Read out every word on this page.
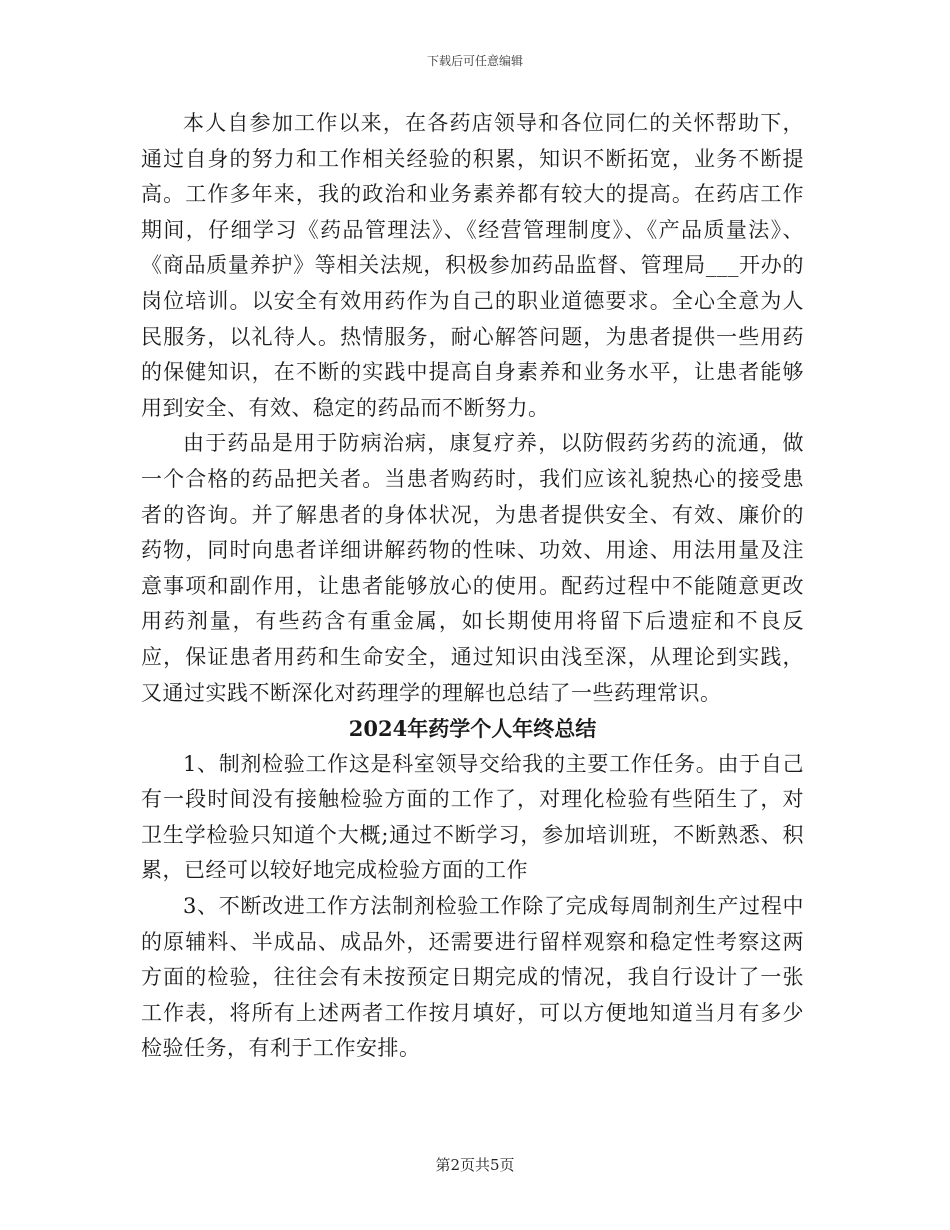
下载后可任意编辑

本人自参加工作以来，在各药店领导和各位同仁的关怀帮助下，通过自身的努力和工作相关经验的积累，知识不断拓宽，业务不断提高。工作多年来，我的政治和业务素养都有较大的提高。在药店工作期间，仔细学习《药品管理法》、《经营管理制度》、《产品质量法》、《商品质量养护》等相关法规，积极参加药品监督、管理局___开办的岗位培训。以安全有效用药作为自己的职业道德要求。全心全意为人民服务，以礼待人。热情服务，耐心解答问题，为患者提供一些用药的保健知识，在不断的实践中提高自身素养和业务水平，让患者能够用到安全、有效、稳定的药品而不断努力。

由于药品是用于防病治病，康复疗养，以防假药劣药的流通，做一个合格的药品把关者。当患者购药时，我们应该礼貌热心的接受患者的咨询。并了解患者的身体状况，为患者提供安全、有效、廉价的药物，同时向患者详细讲解药物的性味、功效、用途、用法用量及注意事项和副作用，让患者能够放心的使用。配药过程中不能随意更改用药剂量，有些药含有重金属，如长期使用将留下后遗症和不良反应，保证患者用药和生命安全，通过知识由浅至深，从理论到实践，又通过实践不断深化对药理学的理解也总结了一些药理常识。

2024年药学个人年终总结

1、制剂检验工作这是科室领导交给我的主要工作任务。由于自己有一段时间没有接触检验方面的工作了，对理化检验有些陌生了，对卫生学检验只知道个大概;通过不断学习，参加培训班，不断熟悉、积累，已经可以较好地完成检验方面的工作

3、不断改进工作方法制剂检验工作除了完成每周制剂生产过程中的原辅料、半成品、成品外，还需要进行留样观察和稳定性考察这两方面的检验，往往会有未按预定日期完成的情况，我自行设计了一张工作表，将所有上述两者工作按月填好，可以方便地知道当月有多少检验任务，有利于工作安排。

第2页共5页
